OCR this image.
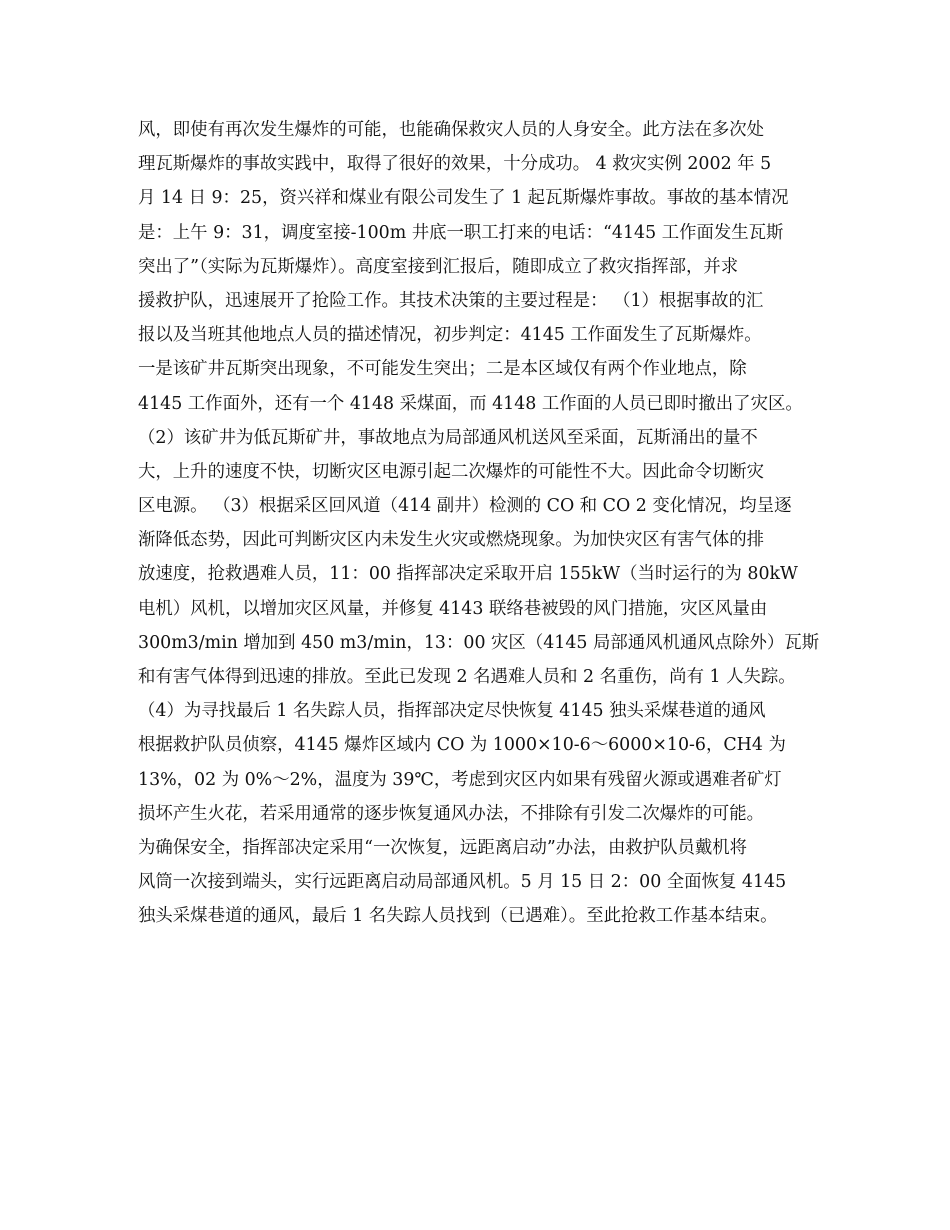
风，即使有再次发生爆炸的可能，也能确保救灾人员的人身安全。此方法在多次处
理瓦斯爆炸的事故实践中，取得了很好的效果，十分成功。 4 救灾实例 2002 年 5
月 14 日 9：25，资兴祥和煤业有限公司发生了 1 起瓦斯爆炸事故。事故的基本情况
是：上午 9：31，调度室接-100m 井底一职工打来的电话：“4145 工作面发生瓦斯
突出了”（实际为瓦斯爆炸）。高度室接到汇报后，随即成立了救灾指挥部，并求
援救护队，迅速展开了抢险工作。其技术决策的主要过程是： （1）根据事故的汇
报以及当班其他地点人员的描述情况，初步判定：4145 工作面发生了瓦斯爆炸。
一是该矿井瓦斯突出现象，不可能发生突出；二是本区域仅有两个作业地点，除
4145 工作面外，还有一个 4148 采煤面，而 4148 工作面的人员已即时撤出了灾区。
（2）该矿井为低瓦斯矿井，事故地点为局部通风机送风至采面，瓦斯涌出的量不
大，上升的速度不快，切断灾区电源引起二次爆炸的可能性不大。因此命令切断灾
区电源。 （3）根据采区回风道（414 副井）检测的 CO 和 CO 2 变化情况，均呈逐
渐降低态势，因此可判断灾区内未发生火灾或燃烧现象。为加快灾区有害气体的排
放速度，抢救遇难人员，11：00 指挥部决定采取开启 155kW（当时运行的为 80kW
电机）风机，以增加灾区风量，并修复 4143 联络巷被毁的风门措施，灾区风量由
300m3/min 增加到 450 m3/min，13：00 灾区（4145 局部通风机通风点除外）瓦斯
和有害气体得到迅速的排放。至此已发现 2 名遇难人员和 2 名重伤，尚有 1 人失踪。
（4）为寻找最后 1 名失踪人员，指挥部决定尽快恢复 4145 独头采煤巷道的通风
根据救护队员侦察，4145 爆炸区域内 CO 为 1000×10-6～6000×10-6，CH4 为
13%，02 为 0%～2%，温度为 39℃，考虑到灾区内如果有残留火源或遇难者矿灯
损坏产生火花，若采用通常的逐步恢复通风办法，不排除有引发二次爆炸的可能。
为确保安全，指挥部决定采用“一次恢复，远距离启动”办法，由救护队员戴机将
风筒一次接到端头，实行远距离启动局部通风机。5 月 15 日 2：00 全面恢复 4145
独头采煤巷道的通风，最后 1 名失踪人员找到（已遇难）。至此抢救工作基本结束。
